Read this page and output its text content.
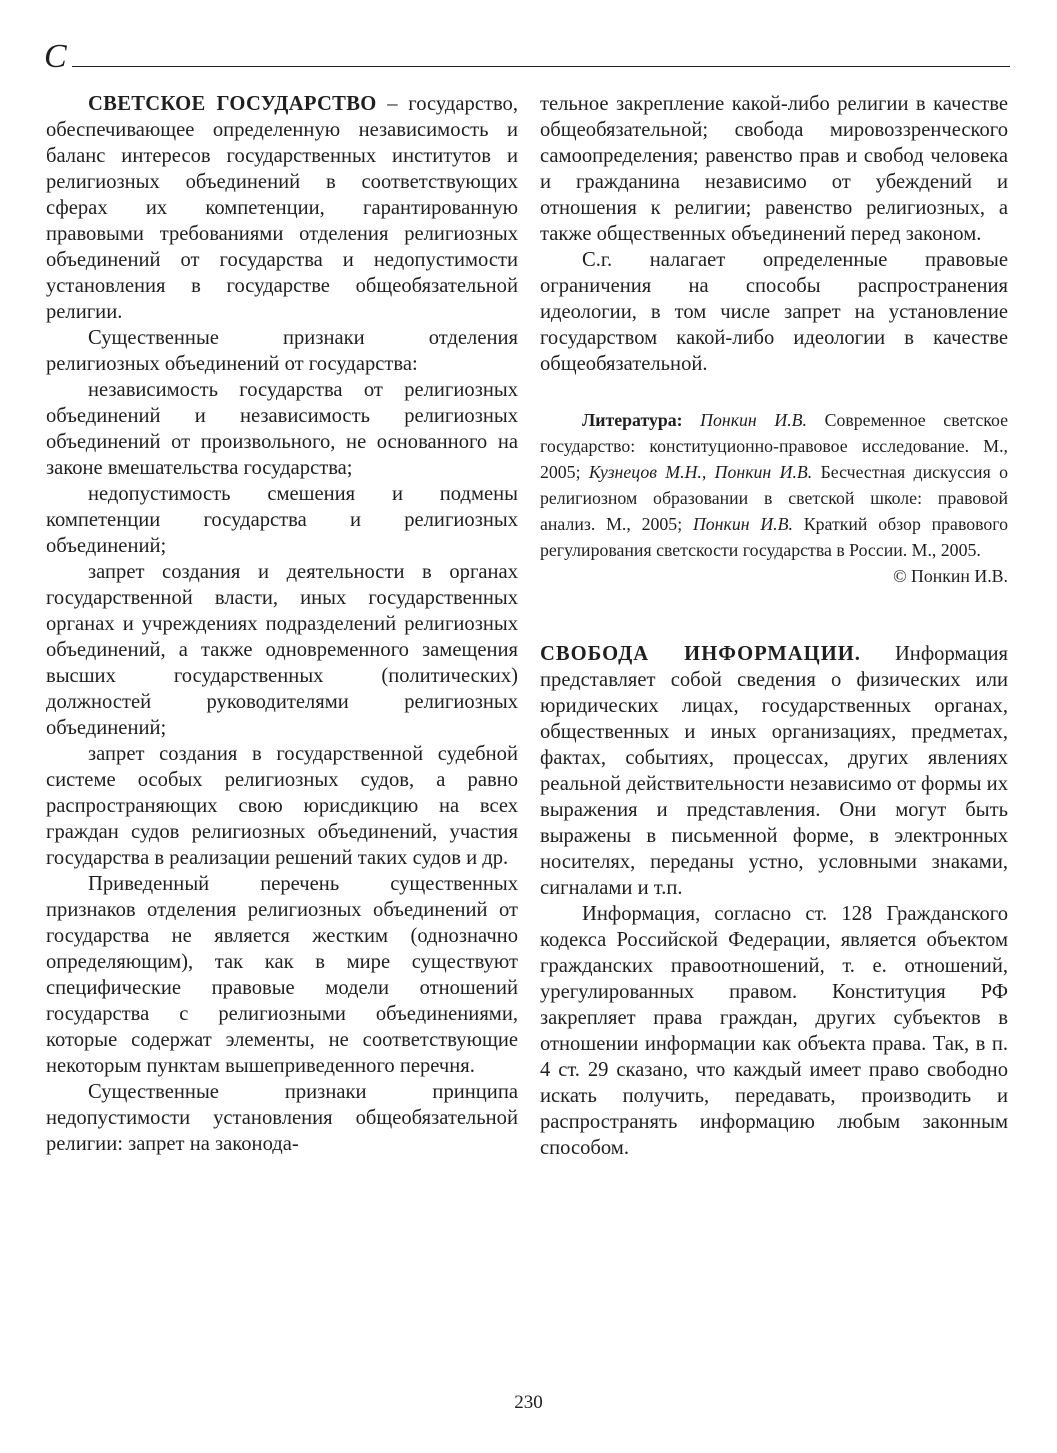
С

СВЕТСКОЕ ГОСУДАРСТВО – государство, обеспечивающее определенную независимость и баланс интересов государственных институтов и религиозных объединений в соответствующих сферах их компетенции, гарантированную правовыми требованиями отделения религиозных объединений от государства и недопустимости установления в государстве общеобязательной религии.

Существенные признаки отделения религиозных объединений от государства:

независимость государства от религиозных объединений и независимость религиозных объединений от произвольного, не основанного на законе вмешательства государства;

недопустимость смешения и подмены компетенции государства и религиозных объединений;

запрет создания и деятельности в органах государственной власти, иных государственных органах и учреждениях подразделений религиозных объединений, а также одновременного замещения высших государственных (политических) должностей руководителями религиозных объединений;

запрет создания в государственной судебной системе особых религиозных судов, а равно распространяющих свою юрисдикцию на всех граждан судов религиозных объединений, участия государства в реализации решений таких судов и др.

Приведенный перечень существенных признаков отделения религиозных объединений от государства не является жестким (однозначно определяющим), так как в мире существуют специфические правовые модели отношений государства с религиозными объединениями, которые содержат элементы, не соответствующие некоторым пунктам вышеприведенного перечня.

Существенные признаки принципа недопустимости установления общеобязательной религии: запрет на законода-

тельное закрепление какой-либо религии в качестве общеобязательной; свобода мировоззренческого самоопределения; равенство прав и свобод человека и гражданина независимо от убеждений и отношения к религии; равенство религиозных, а также общественных объединений перед законом.

С.г. налагает определенные правовые ограничения на способы распространения идеологии, в том числе запрет на установление государством какой-либо идеологии в качестве общеобязательной.

Литература: Понкин И.В. Современное светское государство: конституционно-правовое исследование. М., 2005; Кузнецов М.Н., Понкин И.В. Бесчестная дискуссия о религиозном образовании в светской школе: правовой анализ. М., 2005; Понкин И.В. Краткий обзор правового регулирования светскости государства в России. М., 2005.
© Понкин И.В.

СВОБОДА ИНФОРМАЦИИ. Информация представляет собой сведения о физических или юридических лицах, государственных органах, общественных и иных организациях, предметах, фактах, событиях, процессах, других явлениях реальной действительности независимо от формы их выражения и представления. Они могут быть выражены в письменной форме, в электронных носителях, переданы устно, условными знаками, сигналами и т.п.

Информация, согласно ст. 128 Гражданского кодекса Российской Федерации, является объектом гражданских правоотношений, т. е. отношений, урегулированных правом. Конституция РФ закрепляет права граждан, других субъектов в отношении информации как объекта права. Так, в п. 4 ст. 29 сказано, что каждый имеет право свободно искать получить, передавать, производить и распространять информацию любым законным способом.

230
